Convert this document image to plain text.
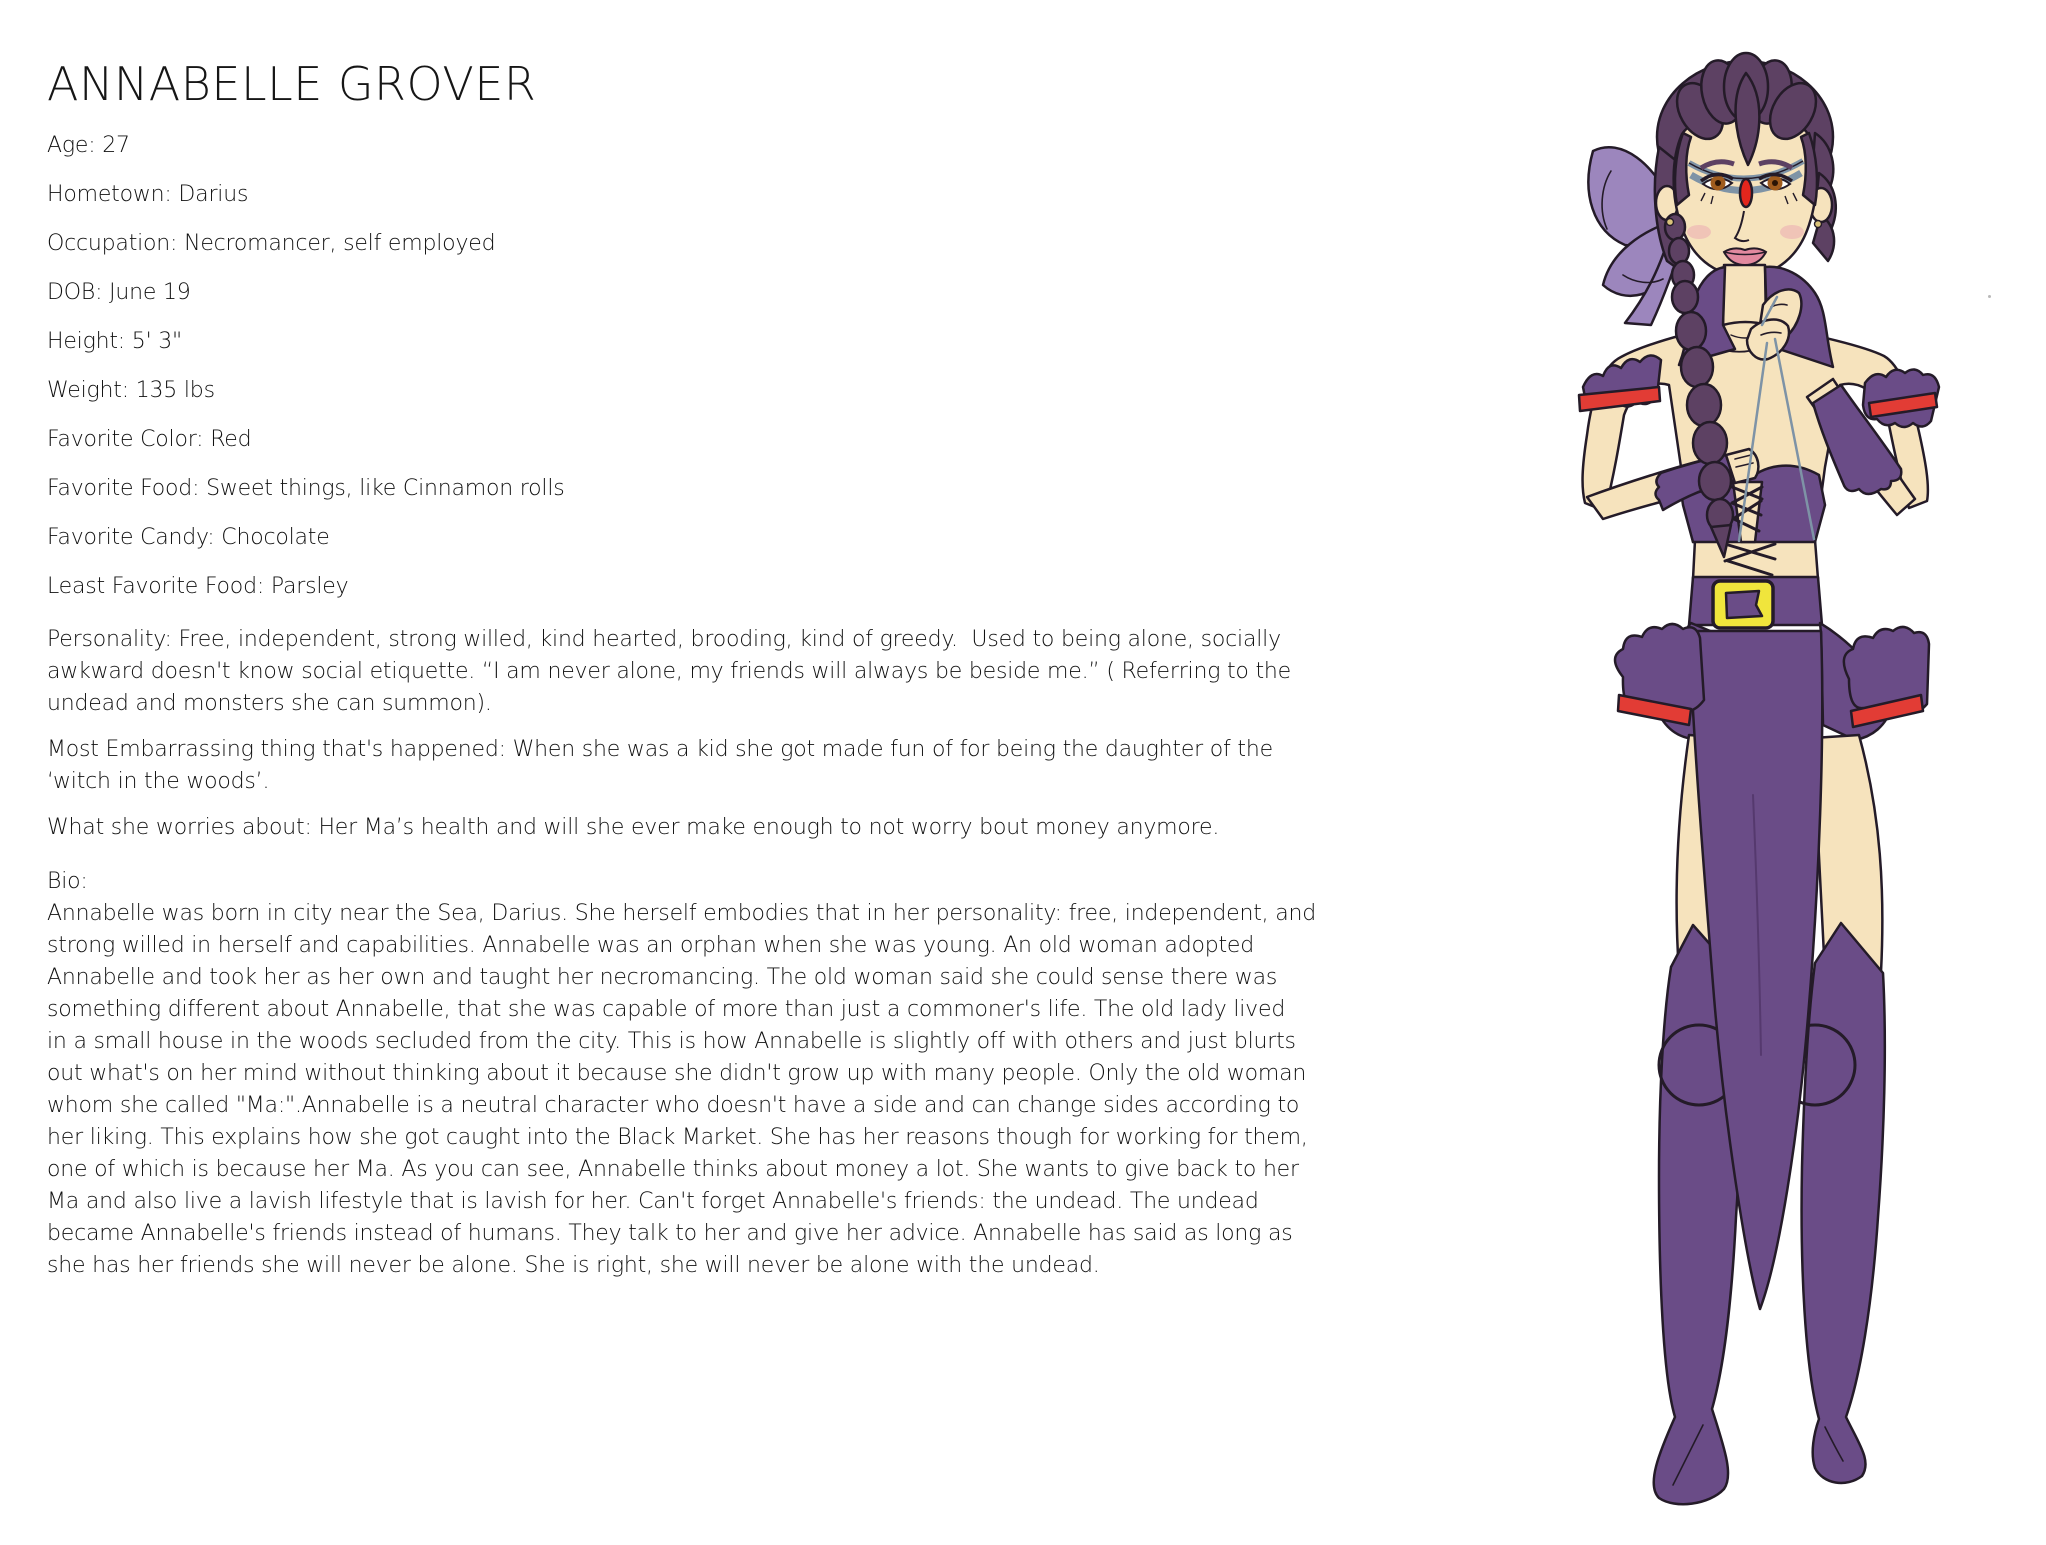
ANNABELLE GROVER
Age : 27
Hometown : Darius
Occupation : Necromancer, self employed
DOB : June 19
Height : 5' 3"
Weight : 135 lbs
Favorite Color : Red
Favorite Food : Sweet things, like Cinnamon rolls
Favorite Candy : Chocolate
Least Favorite Food : Parsley

Personality : Free, independent, strong willed, kind hearted, brooding, kind of greedy.  Used to being alone, socially awkward doesn't know social etiquette. “I am never alone, my friends will always be beside me.” ( Referring to the undead and monsters she can summon).

Most Embarrassing thing that's happened : When she was a kid she got made fun of for being the daughter of the ‘witch in the woods’.

What she worries about : Her Ma’s health and will she ever make enough to not worry bout money anymore.

Bio :

Annabelle was born in city near the Sea, Darius. She herself embodies that in her personality: free, independent, and strong willed in herself and capabilities. Annabelle was an orphan when she was young. An old woman adopted Annabelle and took her as her own and taught her necromancing. The old woman said she could sense there was something different about Annabelle, that she was capable of more than just a commoner's life. The old lady lived  in a small house in the woods secluded from the city. This is how Annabelle is slightly off with others and just blurts out what's on her mind without thinking about it because she didn't grow up with many people. Only the old woman  whom she called "Ma:".Annabelle is a neutral character who doesn't have a side and can change sides according to her liking. This explains how she got caught into the Black Market. She has her reasons though for working for them, one of which is because her Ma. As you can see, Annabelle thinks about money a lot. She wants to give back to her Ma and also live a lavish lifestyle that is lavish for her. Can't forget Annabelle's friends: the undead. The undead became Annabelle's friends instead of humans. They talk to her and give her advice. Annabelle has said as long as she has her friends she will never be alone. She is right, she will never be alone with the undead.
